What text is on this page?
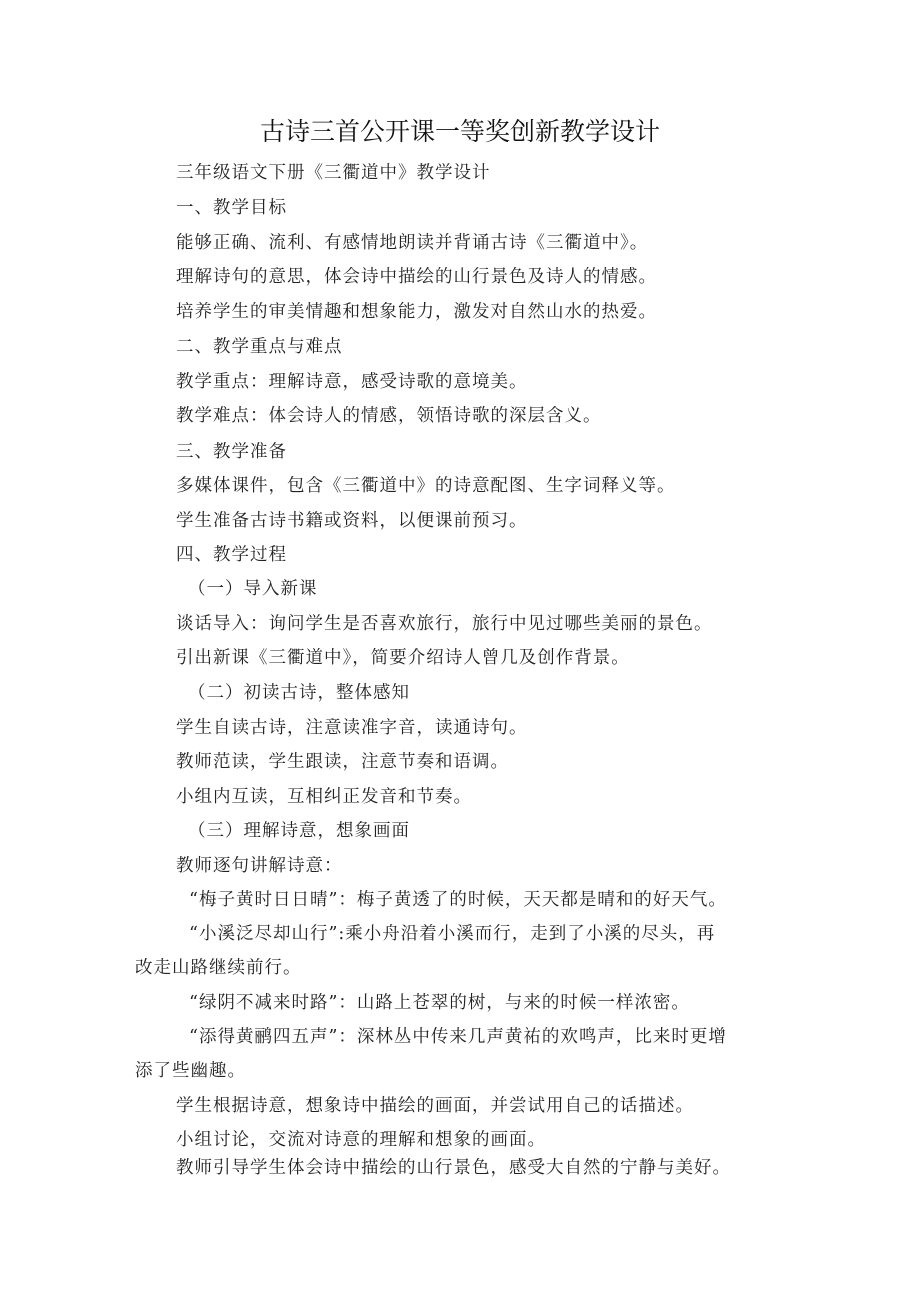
古诗三首公开课一等奖创新教学设计
三年级语文下册《三衢道中》教学设计
一、教学目标
能够正确、流利、有感情地朗读并背诵古诗《三衢道中》。
理解诗句的意思，体会诗中描绘的山行景色及诗人的情感。
培养学生的审美情趣和想象能力，激发对自然山水的热爱。
二、教学重点与难点
教学重点：理解诗意，感受诗歌的意境美。
教学难点：体会诗人的情感，领悟诗歌的深层含义。
三、教学准备
多媒体课件，包含《三衢道中》的诗意配图、生字词释义等。
学生准备古诗书籍或资料，以便课前预习。
四、教学过程
（一）导入新课
谈话导入：询问学生是否喜欢旅行，旅行中见过哪些美丽的景色。
引出新课《三衢道中》，简要介绍诗人曾几及创作背景。
（二）初读古诗，整体感知
学生自读古诗，注意读准字音，读通诗句。
教师范读，学生跟读，注意节奏和语调。
小组内互读，互相纠正发音和节奏。
（三）理解诗意，想象画面
教师逐句讲解诗意：
“梅子黄时日日晴”：梅子黄透了的时候，天天都是晴和的好天气。
“小溪泛尽却山行”:乘小舟沿着小溪而行，走到了小溪的尽头，再
改走山路继续前行。
“绿阴不减来时路”：山路上苍翠的树，与来的时候一样浓密。
“添得黄鹂四五声”：深林丛中传来几声黄祐的欢鸣声，比来时更增
添了些幽趣。
学生根据诗意，想象诗中描绘的画面，并尝试用自己的话描述。
小组讨论，交流对诗意的理解和想象的画面。
教师引导学生体会诗中描绘的山行景色，感受大自然的宁静与美好。
